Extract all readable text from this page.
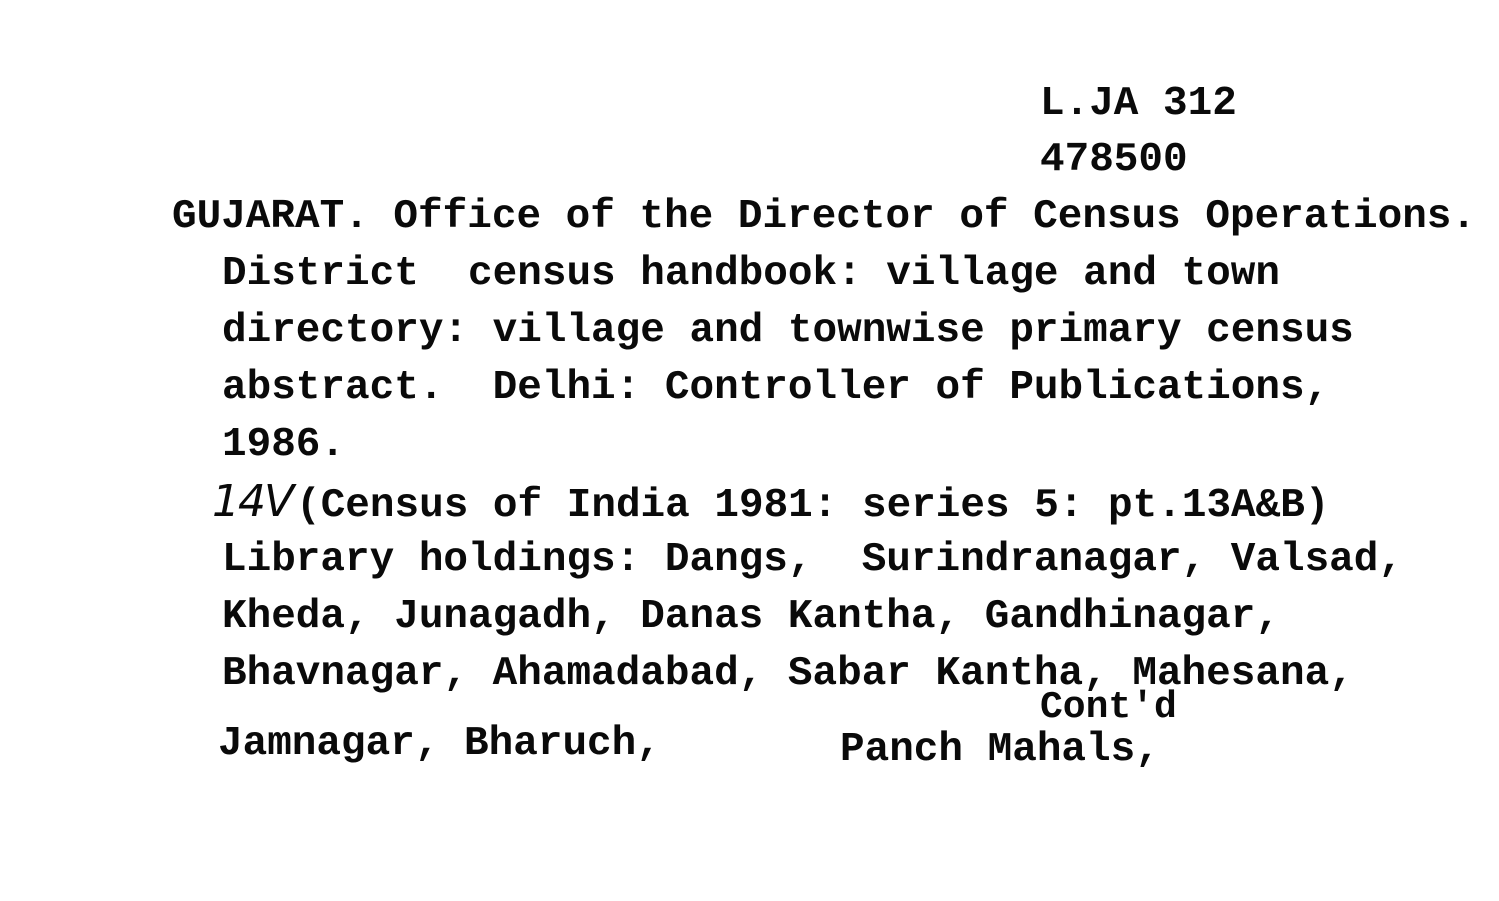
L.JA 312
478500
GUJARAT. Office of the Director of Census Operations.
District  census handbook: village and town
directory: village and townwise primary census
abstract.  Delhi: Controller of Publications,
1986.
14V(Census of India 1981: series 5: pt.13A&B)
Library holdings: Dangs,  Surindranagar, Valsad,
Kheda, Junagadh, Danas Kantha, Gandhinagar,
Bhavnagar, Ahamadabad, Sabar Kantha, Mahesana,
Cont'd
Jamnagar, Bharuch,	Panch Mahals,
